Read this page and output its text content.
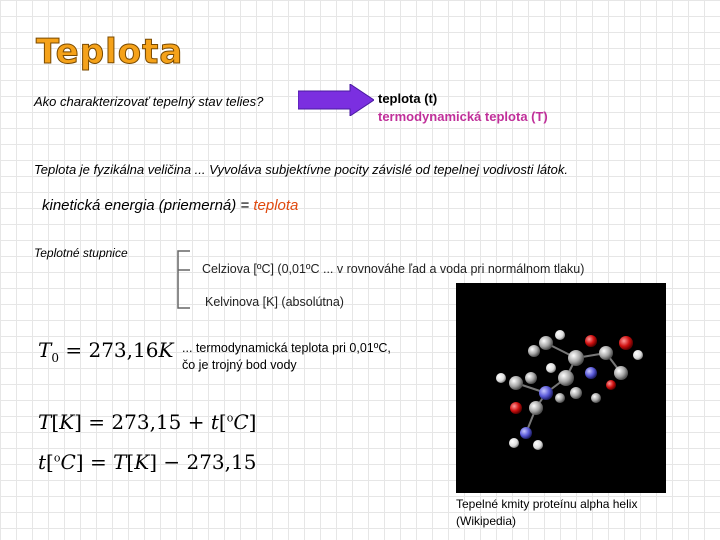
Teplota
Ako charakterizovať tepelný stav telies?	teplota (t)
termodynamická teplota (T)
Teplota je fyzikálna veličina ... Vyvoláva subjektívne pocity závislé od tepelnej vodivosti látok.
kinetická energia (priemerná) = teplota
Teplotné stupnice
Celziova [ºC] (0,01ºC ... v rovnováhe ľad a voda pri normálnom tlaku)
Kelvinova [K] (absolútna)
$T_0 = 273,16K$ ... termodynamická teplota pri 0,01ºC, čo je trojný bod vody
T[K] = 273,15 + t[$^o$C]
t[$^o$C] = T[K] − 273,15
Tepelné kmity proteínu alpha helix
(Wikipedia)
